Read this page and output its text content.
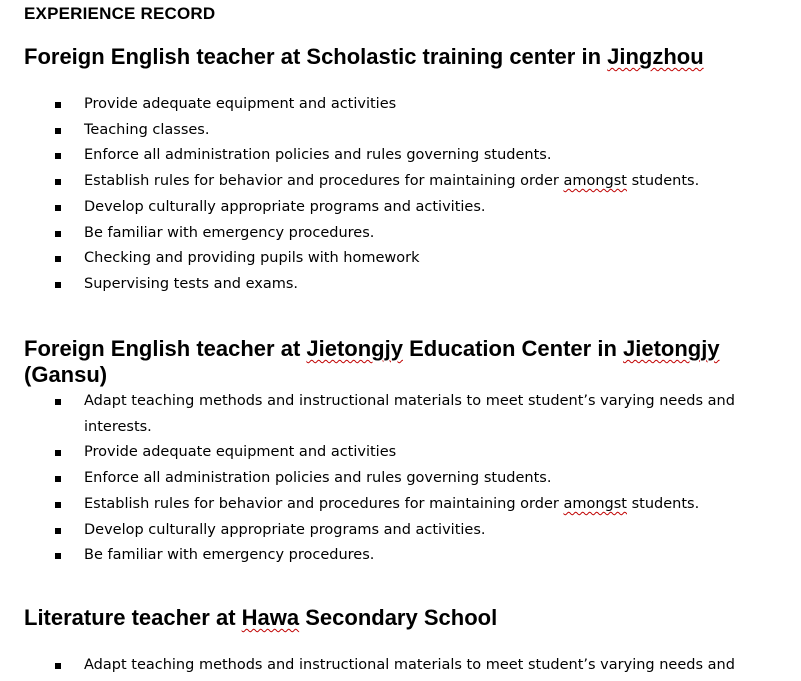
EXPERIENCE RECORD
Foreign English teacher at Scholastic training center in Jingzhou
Provide adequate equipment and activities
Teaching classes.
Enforce all administration policies and rules governing students.
Establish rules for behavior and procedures for maintaining order amongst students.
Develop culturally appropriate programs and activities.
Be familiar with emergency procedures.
Checking and providing pupils with homework
Supervising tests and exams.
Foreign English teacher at Jietongjy Education Center in Jietongjy (Gansu)
Adapt teaching methods and instructional materials to meet student’s varying needs and interests.
Provide adequate equipment and activities
Enforce all administration policies and rules governing students.
Establish rules for behavior and procedures for maintaining order amongst students.
Develop culturally appropriate programs and activities.
Be familiar with emergency procedures.
Literature teacher at Hawa Secondary School
Adapt teaching methods and instructional materials to meet student’s varying needs and
